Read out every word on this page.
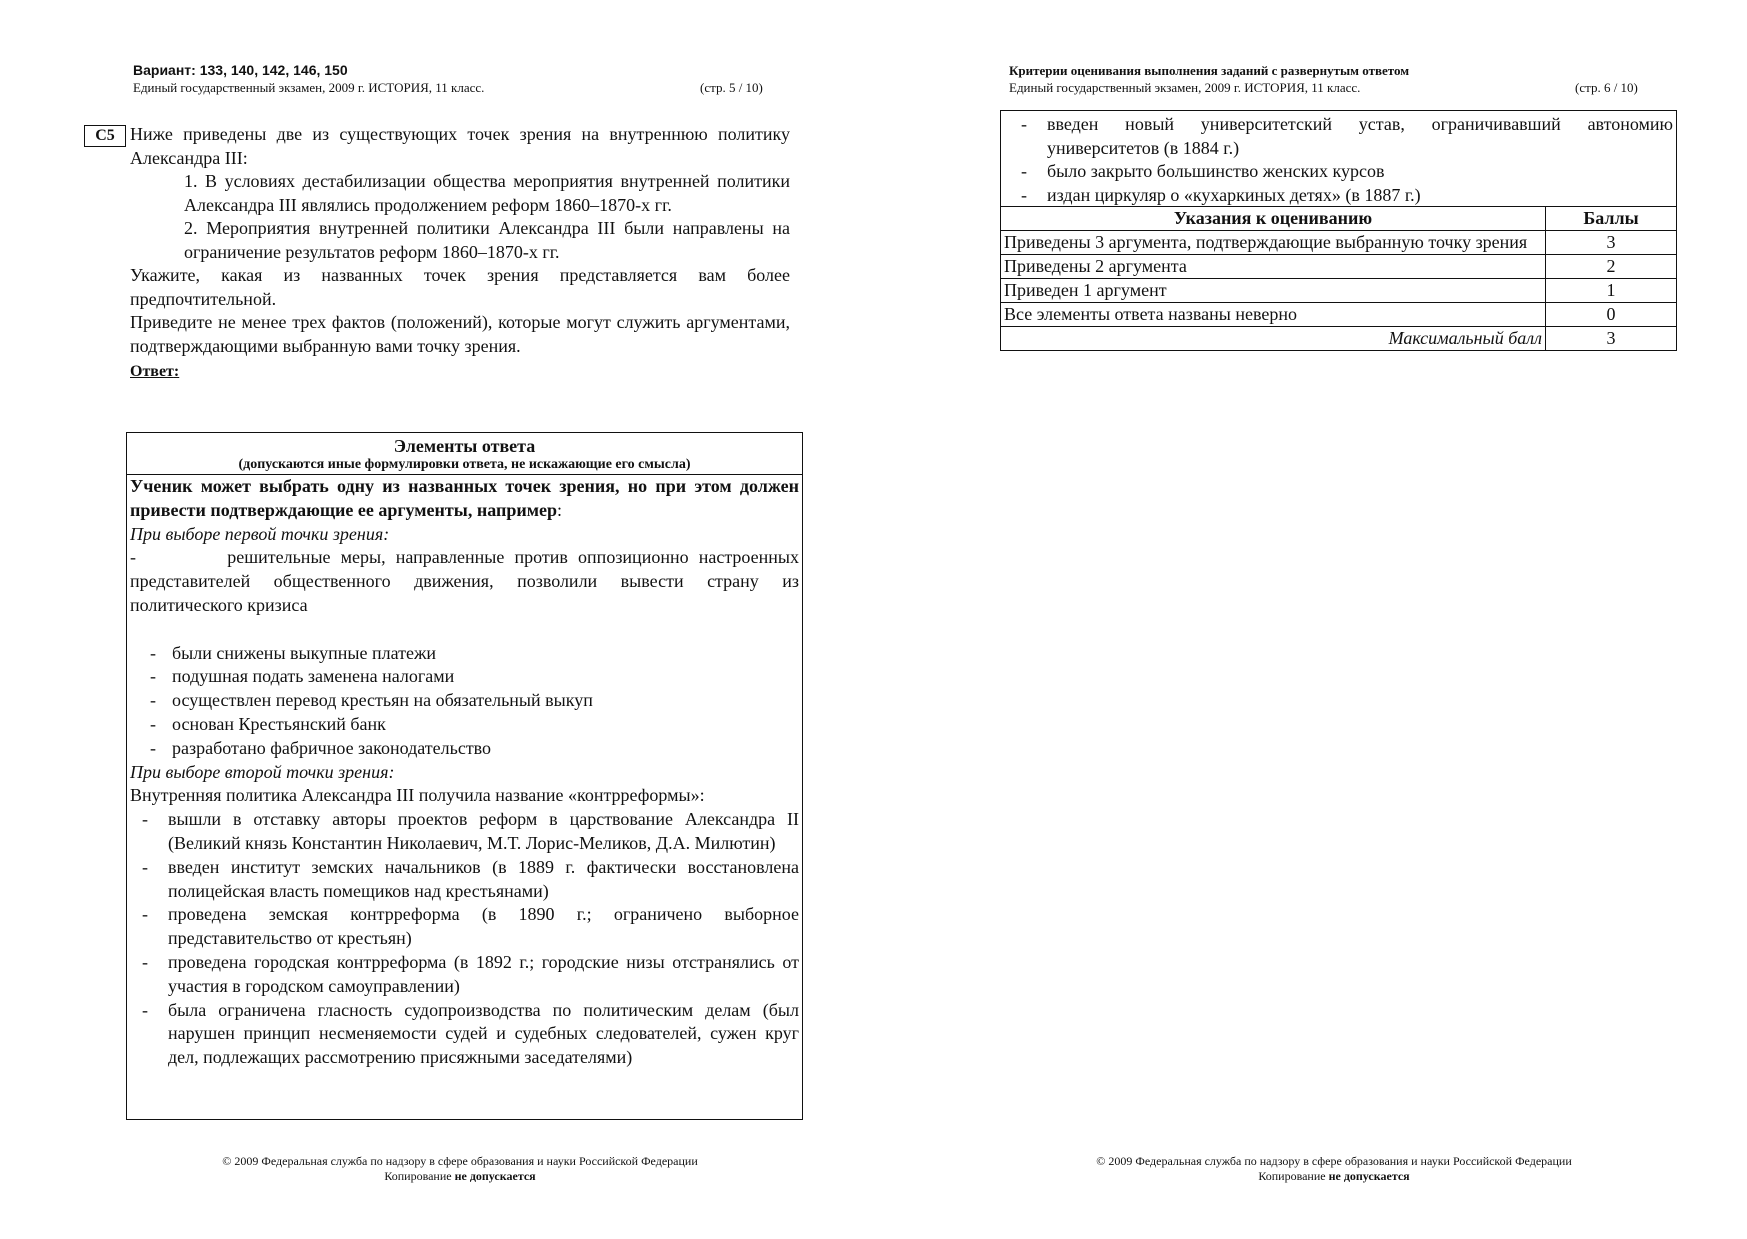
Вариант: 133, 140, 142, 146, 150
Единый государственный экзамен, 2009 г. ИСТОРИЯ, 11 класс.	(стр. 5 / 10)
C5 Ниже приведены две из существующих точек зрения на внутреннюю политику Александра III:

1. В условиях дестабилизации общества мероприятия внутренней политики Александра III являлись продолжением реформ 1860–1870-х гг.

2. Мероприятия внутренней политики Александра III были направлены на ограничение результатов реформ 1860–1870-х гг.

Укажите, какая из названных точек зрения представляется вам более предпочтительной.

Приведите не менее трех фактов (положений), которые могут служить аргументами, подтверждающими выбранную вами точку зрения.

Ответ:
Элементы ответа
(допускаются иные формулировки ответа, не искажающие его смысла)

Ученик может выбрать одну из названных точек зрения, но при этом должен привести подтверждающие ее аргументы, например:

При выборе первой точки зрения:

-	решительные меры, направленные против оппозиционно настроенных представителей общественного движения, позволили вывести страну из политического кризиса

- были снижены выкупные платежи
- подушная подать заменена налогами
- осуществлен перевод крестьян на обязательный выкуп
- основан Крестьянский банк
- разработано фабричное законодательство

При выборе второй точки зрения:

Внутренняя политика Александра III получила название «контрреформы»:

-	вышли в отставку авторы проектов реформ в царствование Александра II (Великий князь Константин Николаевич, М.Т. Лорис-Меликов, Д.А. Милютин)
-	введен институт земских начальников (в 1889 г. фактически восстановлена полицейская власть помещиков над крестьянами)
-	проведена земская контрреформа (в 1890 г.; ограничено выборное представительство от крестьян)
-	проведена городская контрреформа (в 1892 г.; городские низы отстранялись от участия в городском самоуправлении)
-	была ограничена гласность судопроизводства по политическим делам (был нарушен принцип несменяемости судей и судебных следователей, сужен круг дел, подлежащих рассмотрению присяжными заседателями)
© 2009 Федеральная служба по надзору в сфере образования и науки Российской Федерации
Копирование не допускается
Критерии оценивания выполнения заданий с развернутым ответом
Единый государственный экзамен, 2009 г. ИСТОРИЯ, 11 класс.	(стр. 6 / 10)
-	введен новый университетский устав, ограничивавший автономию университетов (в 1884 г.)
-	было закрыто большинство женских курсов
-	издан циркуляр о «кухаркиных детях» (в 1887 г.)
Указания к оцениванию	Баллы
Приведены 3 аргумента, подтверждающие выбранную точку зрения	3
Приведены 2 аргумента	2
Приведен 1 аргумент	1
Все элементы ответа названы неверно	0
Максимальный балл	3
© 2009 Федеральная служба по надзору в сфере образования и науки Российской Федерации
Копирование не допускается
